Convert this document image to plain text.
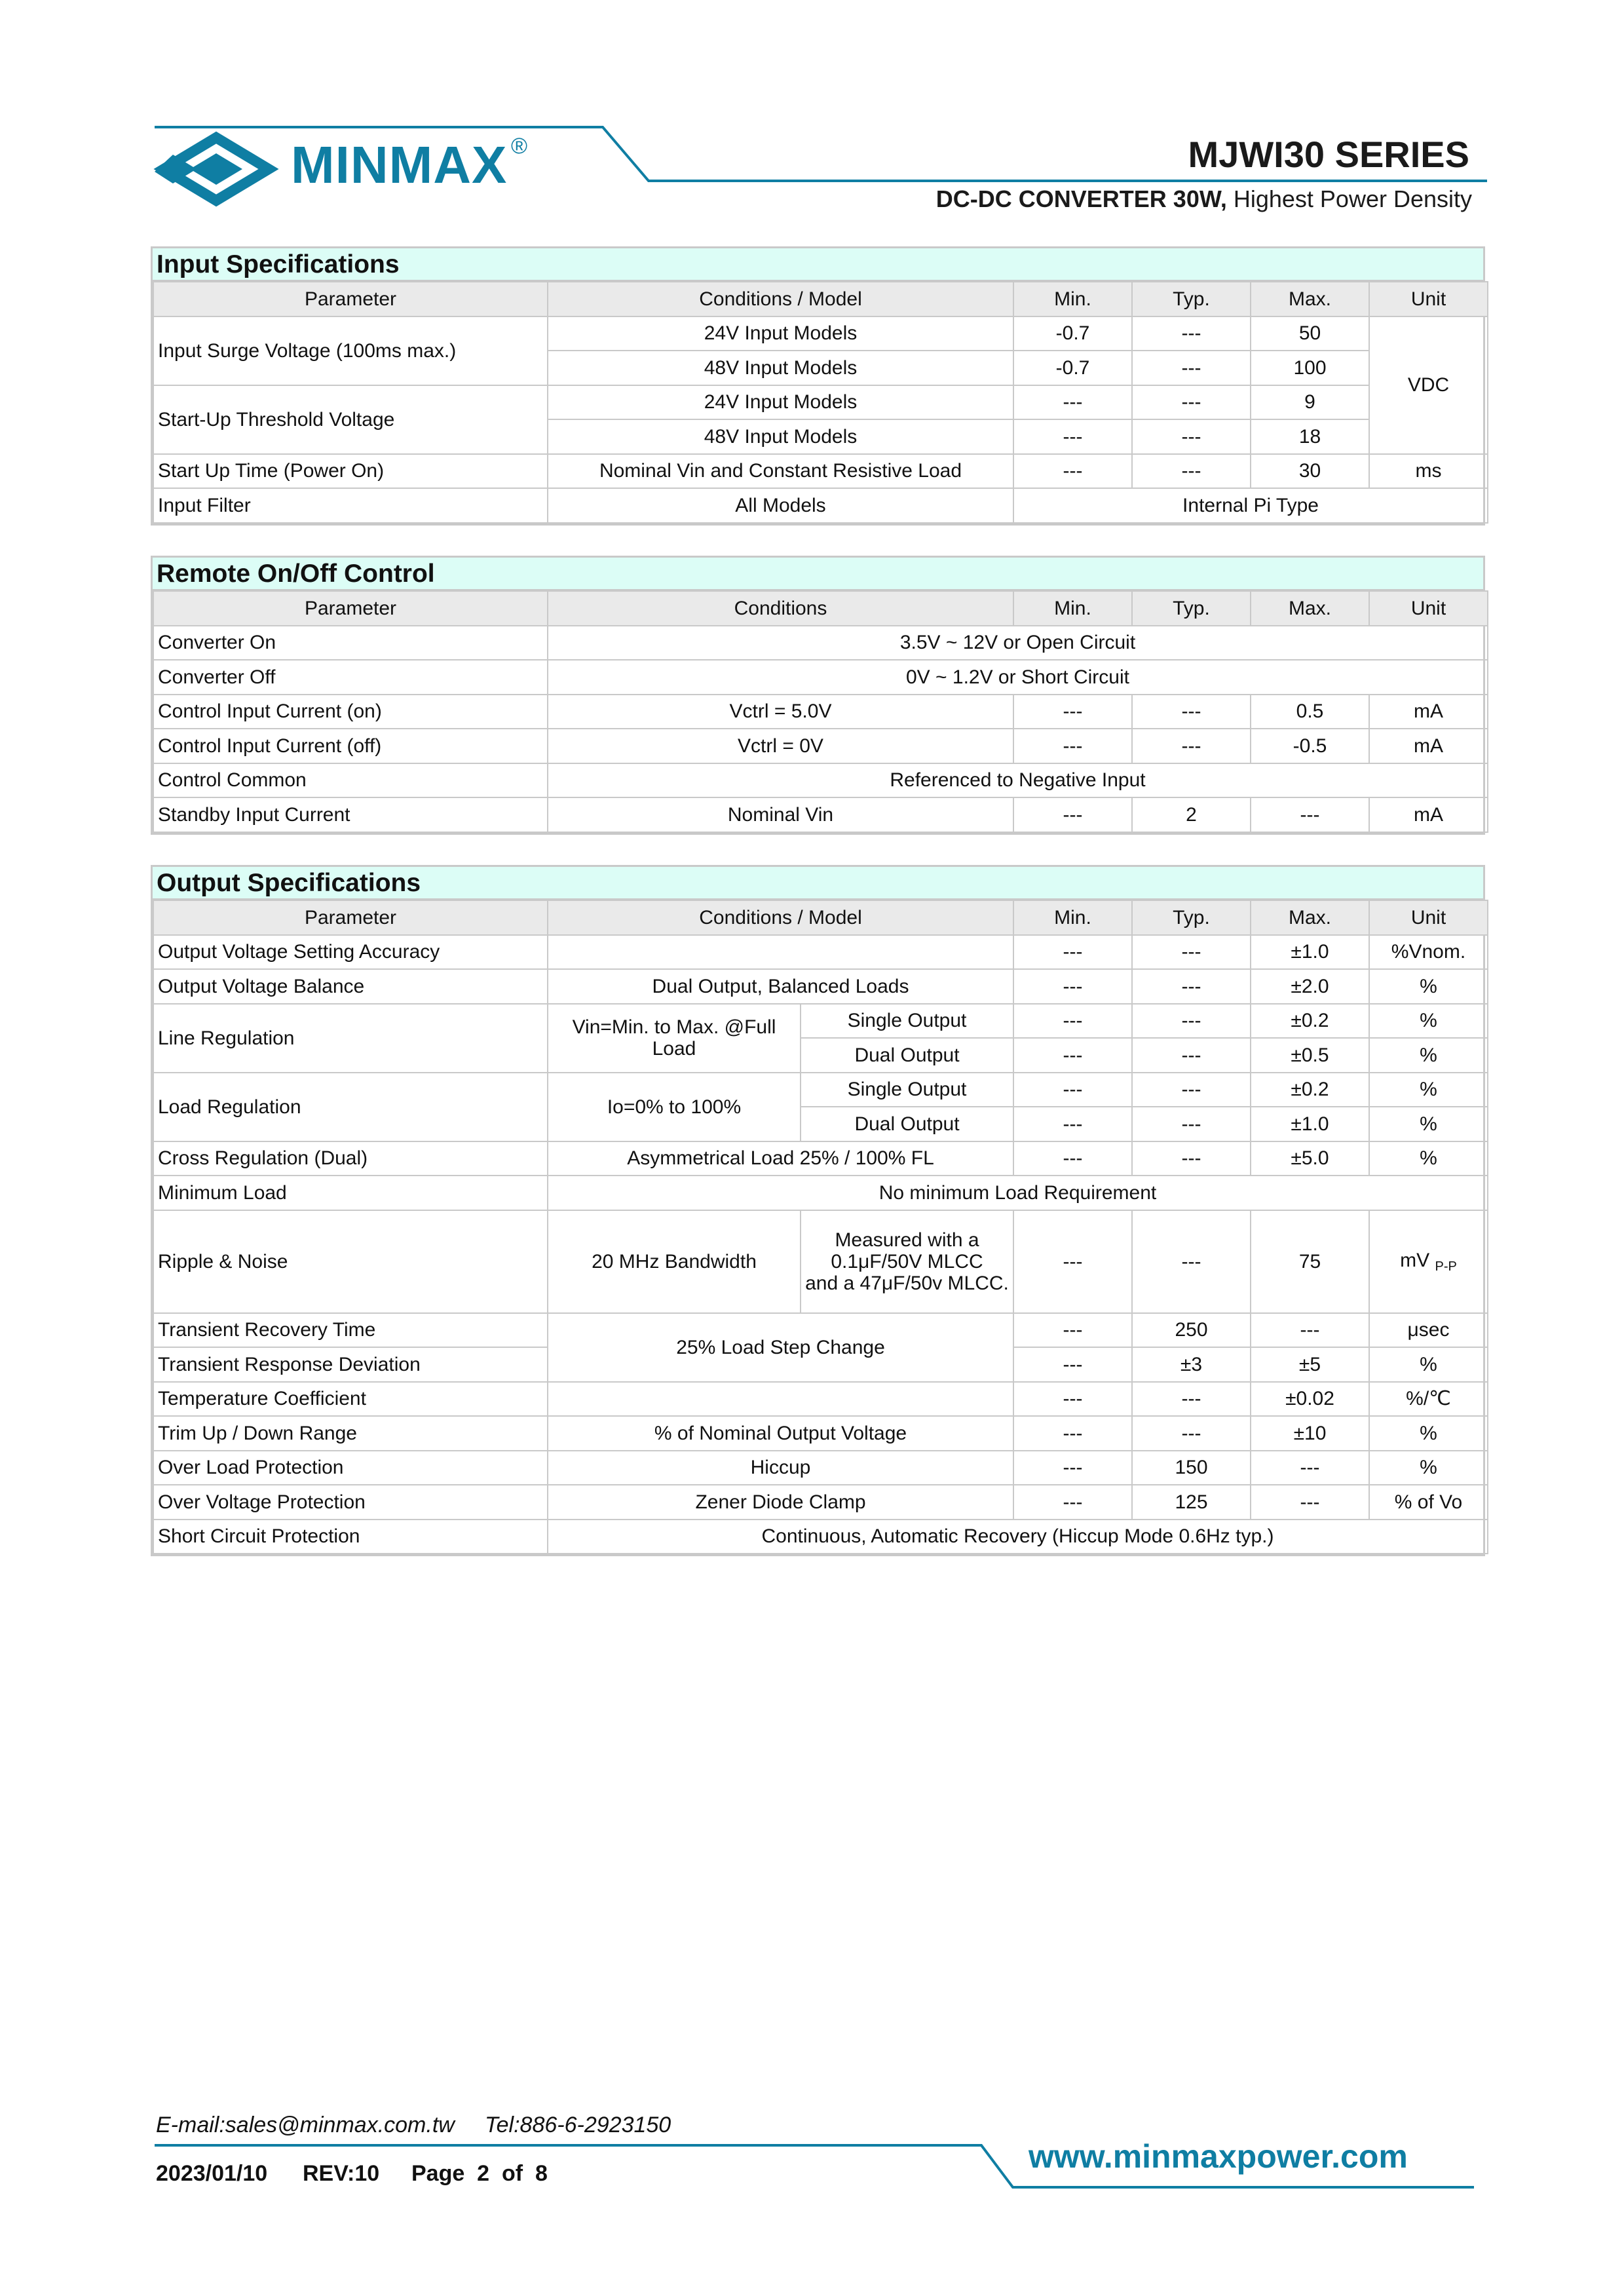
MINMAX ®	MJWI30 SERIES
DC-DC CONVERTER 30W, Highest Power Density
Input Specifications
Parameter	Conditions / Model	Min.	Typ.	Max.	Unit
Input Surge Voltage (100ms max.)	24V Input Models	-0.7	---	50	VDC
	48V Input Models	-0.7	---	100	
Start-Up Threshold Voltage	24V Input Models	---	---	9	
	48V Input Models	---	---	18	
Start Up Time (Power On)	Nominal Vin and Constant Resistive Load	---	---	30	ms
Input Filter	All Models	Internal Pi Type			
Remote On/Off Control
Parameter	Conditions	Min.	Typ.	Max.	Unit
Converter On	3.5V ~ 12V or Open Circuit				
Converter Off	0V ~ 1.2V or Short Circuit				
Control Input Current (on)	Vctrl = 5.0V	---	---	0.5	mA
Control Input Current (off)	Vctrl = 0V	---	---	-0.5	mA
Control Common	Referenced to Negative Input				
Standby Input Current	Nominal Vin	---	2	---	mA
Output Specifications
Parameter	Conditions / Model		Min.	Typ.	Max.	Unit
Output Voltage Setting Accuracy			---	---	±1.0	%Vnom.
Output Voltage Balance	Dual Output, Balanced Loads		---	---	±2.0	%
Line Regulation	Vin=Min. to Max. @Full Load	Single Output	---	---	±0.2	%
		Dual Output	---	---	±0.5	%
Load Regulation	Io=0% to 100%	Single Output	---	---	±0.2	%
		Dual Output	---	---	±1.0	%
Cross Regulation (Dual)	Asymmetrical Load 25% / 100% FL		---	---	±5.0	%
Minimum Load	No minimum Load Requirement					
Ripple & Noise	20 MHz Bandwidth	Measured with a
0.1μF/50V MLCC
and a 47μF/50v MLCC.	---	---	75	mV $_{P-P}$
Transient Recovery Time	25% Load Step Change		---	250	---	μsec
Transient Response Deviation			---	±3	±5	%
Temperature Coefficient			---	---	±0.02	%/℃
Trim Up / Down Range	% of Nominal Output Voltage		---	---	±10	%
Over Load Protection	Hiccup		---	150	---	%
Over Voltage Protection	Zener Diode Clamp		---	125	---	% of Vo
Short Circuit Protection	Continuous, Automatic Recovery (Hiccup Mode 0.6Hz typ.)					
E-mail:sales@minmax.com.tw Tel:886-6-2923150
2023/01/10 REV:10 Page  2  of  8	www.minmaxpower.com
